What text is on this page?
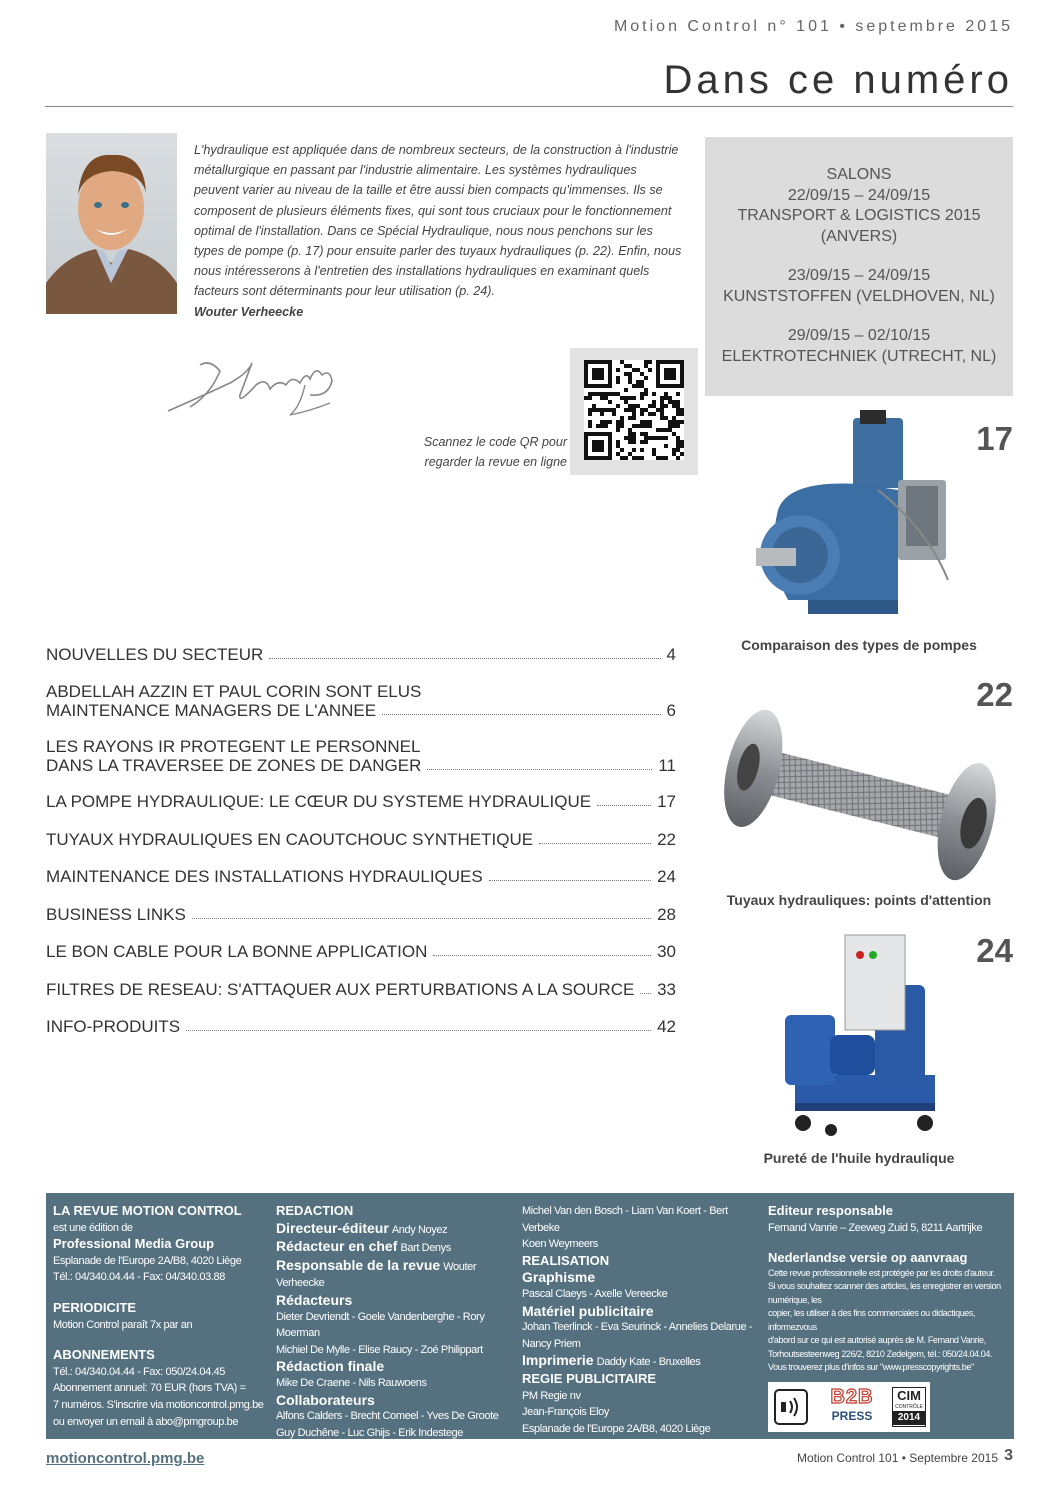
Motion Control n° 101 • septembre 2015
Dans ce numéro
L'hydraulique est appliquée dans de nombreux secteurs, de la construction à l'industrie métallurgique en passant par l'industrie alimentaire. Les systèmes hydrauliques peuvent varier au niveau de la taille et être aussi bien compacts qu'immenses. Ils se composent de plusieurs éléments fixes, qui sont tous cruciaux pour le fonctionnement optimal de l'installation. Dans ce Spécial Hydraulique, nous nous penchons sur les types de pompe (p. 17) pour ensuite parler des tuyaux hydrauliques (p. 22). Enfin, nous nous intéresserons à l'entretien des installations hydrauliques en examinant quels facteurs sont déterminants pour leur utilisation (p. 24).
Wouter Verheecke
Scannez le code QR pour
regarder la revue en ligne
SALONS
22/09/15 – 24/09/15
TRANSPORT & LOGISTICS 2015
(ANVERS)
23/09/15 – 24/09/15
KUNSTSTOFFEN (VELDHOVEN, NL)
29/09/15 – 02/10/15
ELEKTROTECHNIEK (UTRECHT, NL)
17
Comparaison des types de pompes
22
Tuyaux hydrauliques: points d'attention
24
Pureté de l'huile hydraulique
NOUVELLES DU SECTEUR	4
ABDELLAH AZZIN ET PAUL CORIN SONT ELUS
MAINTENANCE MANAGERS DE L'ANNEE	6
LES RAYONS IR PROTEGENT LE PERSONNEL
DANS LA TRAVERSEE DE ZONES DE DANGER	11
LA POMPE HYDRAULIQUE: LE CŒUR DU SYSTEME HYDRAULIQUE	17
TUYAUX HYDRAULIQUES EN CAOUTCHOUC SYNTHETIQUE	22
MAINTENANCE DES INSTALLATIONS HYDRAULIQUES	24
BUSINESS LINKS	28
LE BON CABLE POUR LA BONNE APPLICATION	30
FILTRES DE RESEAU: S'ATTAQUER AUX PERTURBATIONS A LA SOURCE 33
INFO-PRODUITS	42
LA REVUE MOTION CONTROL
est une édition de
Professional Media Group
Esplanade de l'Europe 2A/B8, 4020 Liège
Tél.: 04/340.04.44 - Fax: 04/340.03.88
PERIODICITE
Motion Control paraît 7x par an
ABONNEMENTS
Tél.: 04/340.04.44 - Fax: 050/24.04.45
Abonnement annuel: 70 EUR (hors TVA) =
7 numéros. S'inscrire via motioncontrol.pmg.be
ou envoyer un email à abo@pmgroup.be
REDACTION
Directeur-éditeur Andy Noyez
Rédacteur en chef Bart Denys
Responsable de la revue Wouter
Verheecke
Rédacteurs
Dieter Devriendt - Goele Vandenberghe - Rory Moerman
Michiel De Mylle - Elise Raucy - Zoé Philippart
Rédaction finale
Mike De Craene - Nils Rauwoens
Collaborateurs
Alfons Calders - Brecht Comeel - Yves De Groote
Guy Duchêne - Luc Ghijs - Erik Indestege
Chloé Martin - Luc-Yves Ophals - Paul Paulus
Michel Van den Bosch - Liam Van Koert - Bert Verbeke
Koen Weymeers
REALISATION
Graphisme
Pascal Claeys - Axelle Vereecke
Matériel publicitaire
Johan Teerlinck - Eva Seurinck - Annelies Delarue -
Nancy Priem
Imprimerie Daddy Kate - Bruxelles
REGIE PUBLICITAIRE
PM Regie nv
Jean-François Eloy
Esplanade de l'Europe 2A/B8, 4020 Liège
Tél.: 04/340.04.44 – Fax: 04/340.03.88
Editeur responsable
Fernand Vanrie – Zeeweg Zuid 5, 8211 Aartrijke
Nederlandse versie op aanvraag
Cette revue professionnelle est protégée par les droits d'auteur.
Si vous souhaitez scanner des articles, les enregistrer en version numérique, les
copier, les utiliser à des fins commerciales ou didactiques, informezvous
d'abord sur ce qui est autorisé auprès de M. Fernand Vanrie,
Torhoutsesteenweg 226/2, 8210 Zedelgem, tél.: 050/24.04.04.
Vous trouverez plus d'infos sur "www.presscopyrights.be"
B2B
PRESS
CIM
CONTRÔLE
2014
motioncontrol.pmg.be	Motion Control 101 • Septembre 2015 3
